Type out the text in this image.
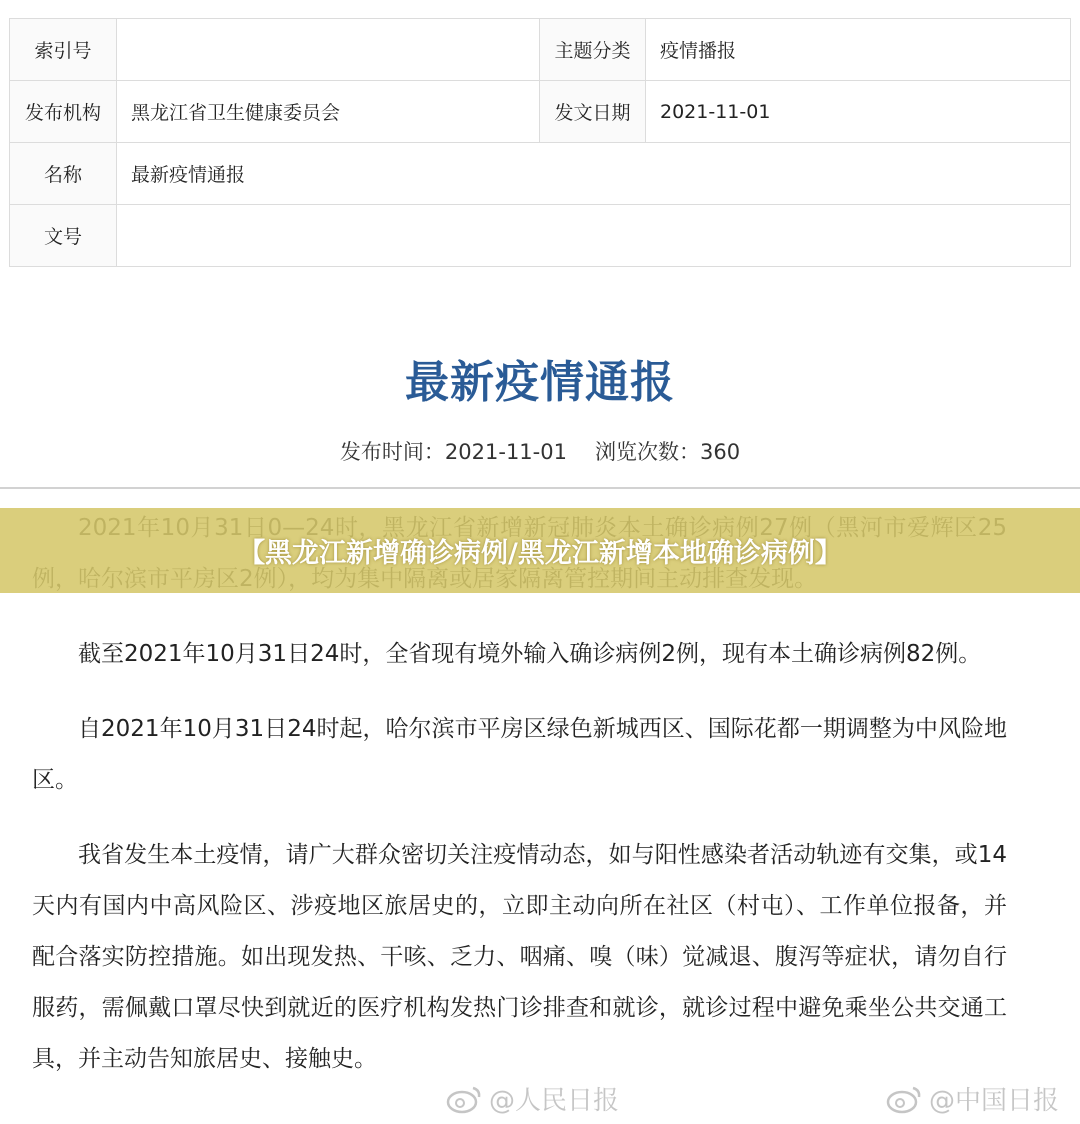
索引号		主题分类	疫情播报
发布机构	黑龙江省卫生健康委员会	发文日期	2021-11-01
名称	最新疫情通报		
文号			
最新疫情通报
发布时间：2021-11-01 浏览次数：360

截至2021年10月31日24时，全省现有境外输入确诊病例2例，现有本土确诊病例82例。

自2021年10月31日24时起，哈尔滨市平房区绿色新城西区、国际花都一期调整为中风险地区。

我省发生本土疫情，请广大群众密切关注疫情动态，如与阳性感染者活动轨迹有交集，或14天内有国内中高风险区、涉疫地区旅居史的，立即主动向所在社区（村屯）、工作单位报备，并配合落实防控措施。如出现发热、干咳、乏力、咽痛、嗅（味）觉减退、腹泻等症状，请勿自行服药，需佩戴口罩尽快到就近的医疗机构发热门诊排查和就诊，就诊过程中避免乘坐公共交通工具，并主动告知旅居史、接触史。

【黑龙江新增确诊病例/黑龙江新增本地确诊病例】
@人民日报	@中国日报
